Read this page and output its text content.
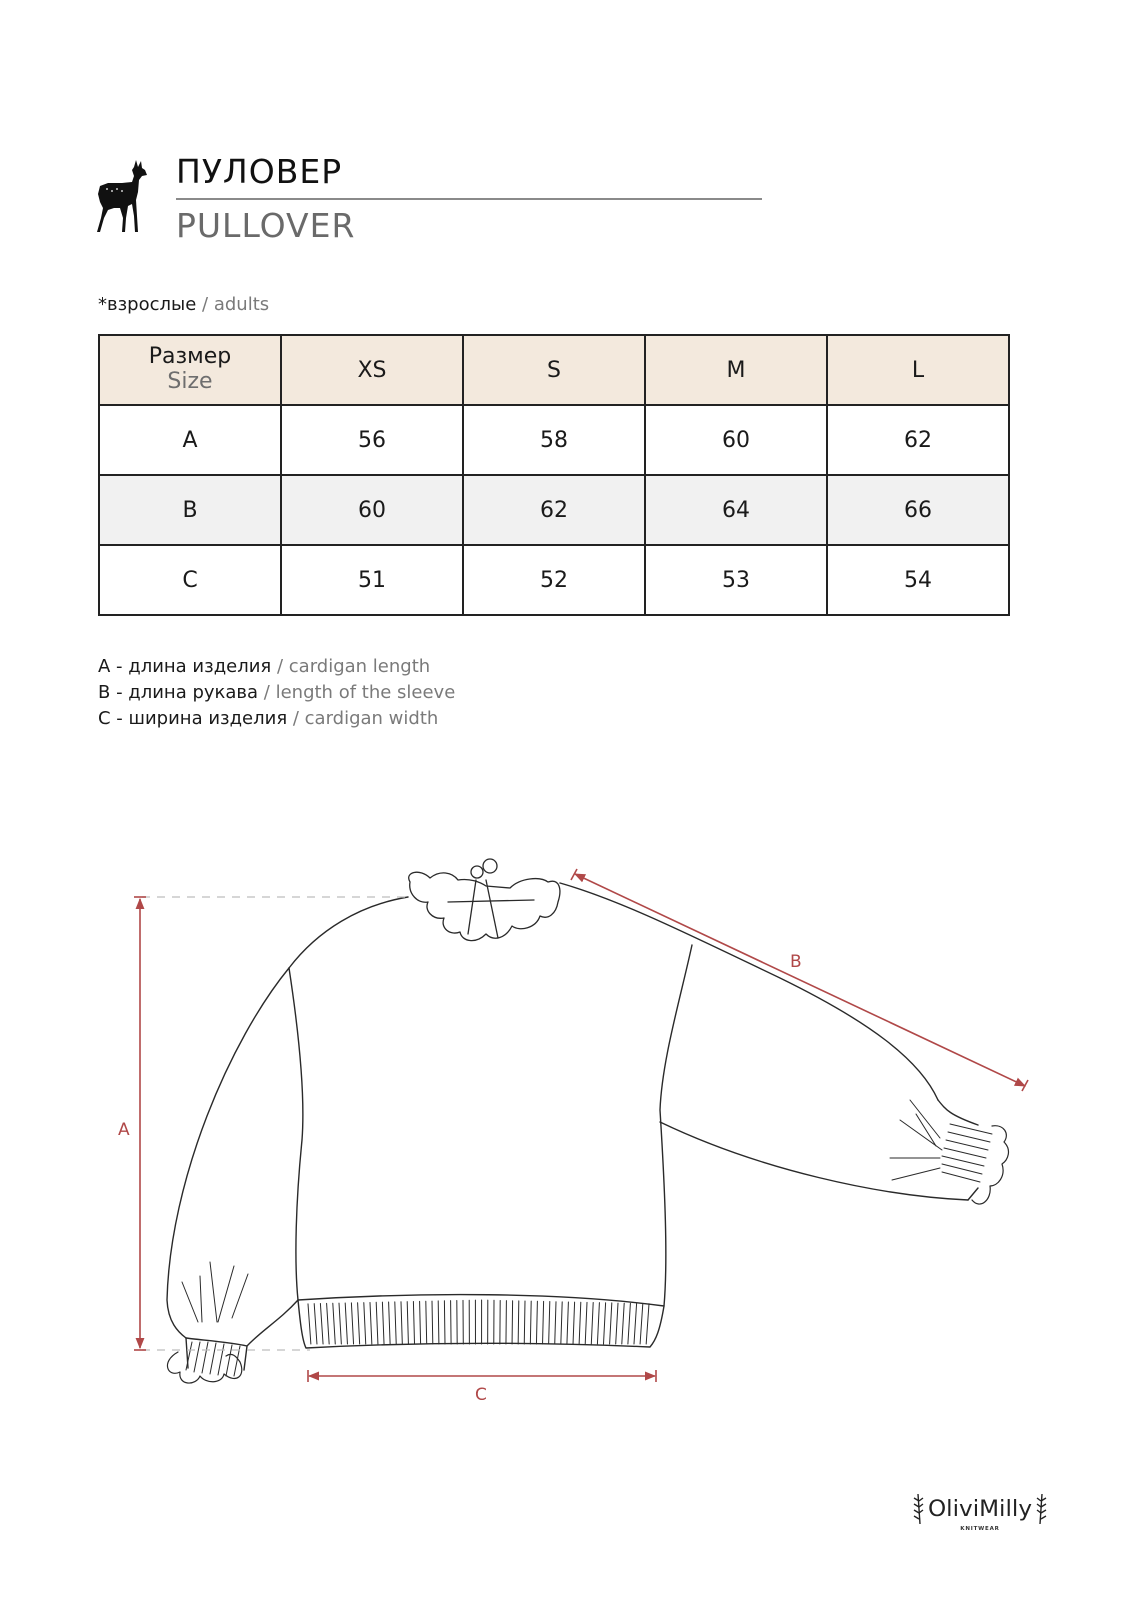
ПУЛОВЕР
PULLOVER
*взрослые / adults
Размер
Size	XS	S	M	L
A	56	58	60	62
B	60	62	64	66
C	51	52	53	54
A - длина изделия / cardigan length
B - длина рукава / length of the sleeve
C - ширина изделия / cardigan width
A
B
C
OliviMilly
KNITWEAR
